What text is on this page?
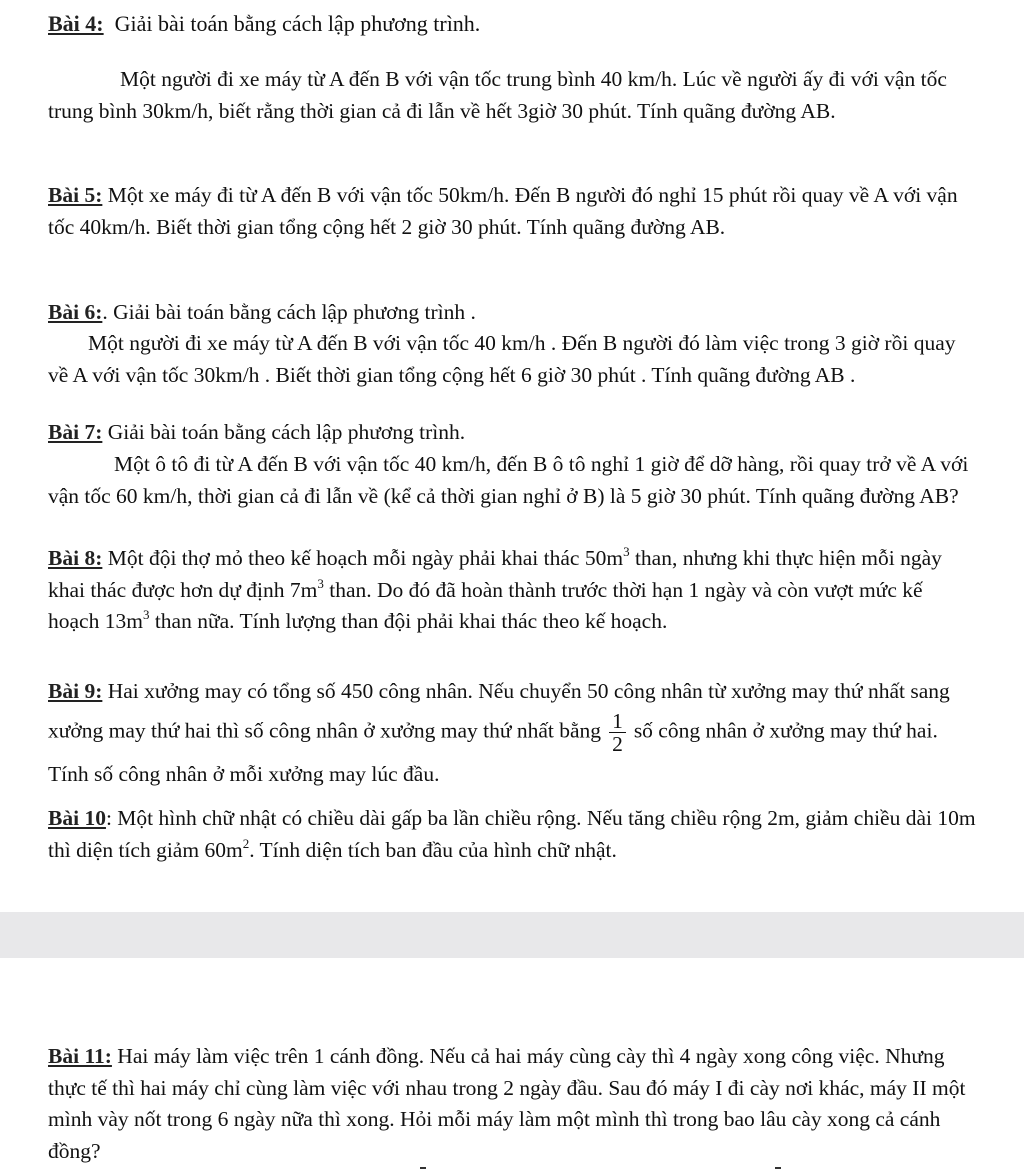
Bài 4: Giải bài toán bằng cách lập phương trình.

Một người đi xe máy từ A đến B với vận tốc trung bình 40 km/h. Lúc về người ấy đi với vận tốc trung bình 30km/h, biết rằng thời gian cả đi lẫn về hết 3giờ 30 phút. Tính quãng đường AB.

Bài 5: Một xe máy đi từ A đến B với vận tốc 50km/h. Đến B người đó nghỉ 15 phút rồi quay về A với vận tốc 40km/h. Biết thời gian tổng cộng hết 2 giờ 30 phút. Tính quãng đường AB.

Bài 6:. Giải bài toán bằng cách lập phương trình .

Một người đi xe máy từ A đến B với vận tốc 40 km/h . Đến B người đó làm việc trong 3 giờ rồi quay về A với vận tốc 30km/h . Biết thời gian tổng cộng hết 6 giờ 30 phút . Tính quãng đường AB .

Bài 7: Giải bài toán bằng cách lập phương trình.

Một ô tô đi từ A đến B với vận tốc 40 km/h, đến B ô tô nghỉ 1 giờ để dỡ hàng, rồi quay trở về A với vận tốc 60 km/h, thời gian cả đi lẫn về (kể cả thời gian nghỉ ở B) là 5 giờ 30 phút. Tính quãng đường AB?

Bài 8: Một đội thợ mỏ theo kế hoạch mỗi ngày phải khai thác $50m^3$ than, nhưng khi thực hiện mỗi ngày khai thác được hơn dự định $7m^3$ than. Do đó đã hoàn thành trước thời hạn 1 ngày và còn vượt mức kế hoạch $13m^3$ than nữa. Tính lượng than đội phải khai thác theo kế hoạch.

Bài 9: Hai xưởng may có tổng số 450 công nhân. Nếu chuyển 50 công nhân từ xưởng may thứ nhất sang xưởng may thứ hai thì số công nhân ở xưởng may thứ nhất bằng $\frac{1}{2}$ số công nhân ở xưởng may thứ hai. Tính số công nhân ở mỗi xưởng may lúc đầu.

Bài 10: Một hình chữ nhật có chiều dài gấp ba lần chiều rộng. Nếu tăng chiều rộng 2m, giảm chiều dài 10m thì diện tích giảm $60m^2$. Tính diện tích ban đầu của hình chữ nhật.

Bài 11: Hai máy làm việc trên 1 cánh đồng. Nếu cả hai máy cùng cày thì 4 ngày xong công việc. Nhưng thực tế thì hai máy chỉ cùng làm việc với nhau trong 2 ngày đầu. Sau đó máy I đi cày nơi khác, máy II một mình vày nốt trong 6 ngày nữa thì xong. Hỏi mỗi máy làm một mình thì trong bao lâu cày xong cả cánh đồng?
